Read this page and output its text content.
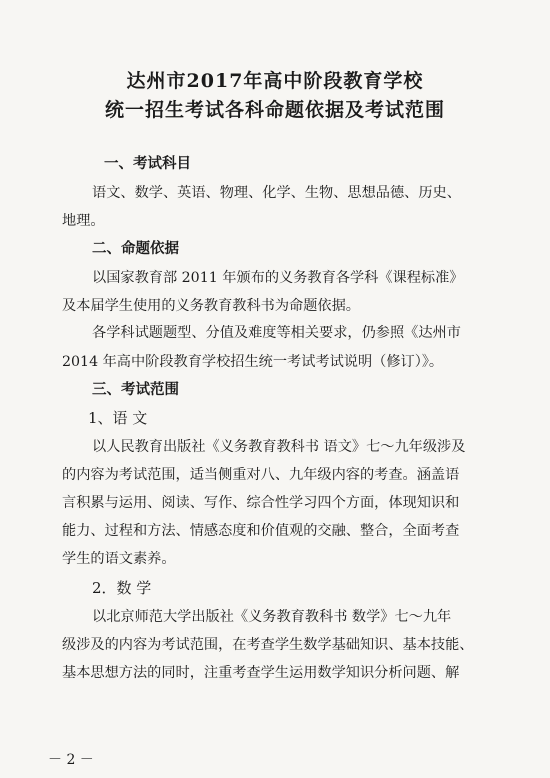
达州市2017年高中阶段教育学校
统一招生考试各科命题依据及考试范围
一、考试科目
语文、数学、英语、物理、化学、生物、思想品德、历史、
地理。
二、命题依据
以国家教育部 2011 年颁布的义务教育各学科《课程标准》
及本届学生使用的义务教育教科书为命题依据。
各学科试题题型、分值及难度等相关要求，仍参照《达州市
2014 年高中阶段教育学校招生统一考试考试说明（修订）》。
三、考试范围
1、语 文
以人民教育出版社《义务教育教科书 语文》七～九年级涉及
的内容为考试范围，适当侧重对八、九年级内容的考查。涵盖语
言积累与运用、阅读、写作、综合性学习四个方面，体现知识和
能力、过程和方法、情感态度和价值观的交融、整合，全面考查
学生的语文素养。
2．数 学
以北京师范大学出版社《义务教育教科书 数学》七～九年
级涉及的内容为考试范围，在考查学生数学基础知识、基本技能、
基本思想方法的同时，注重考查学生运用数学知识分析问题、解
－ 2 －
